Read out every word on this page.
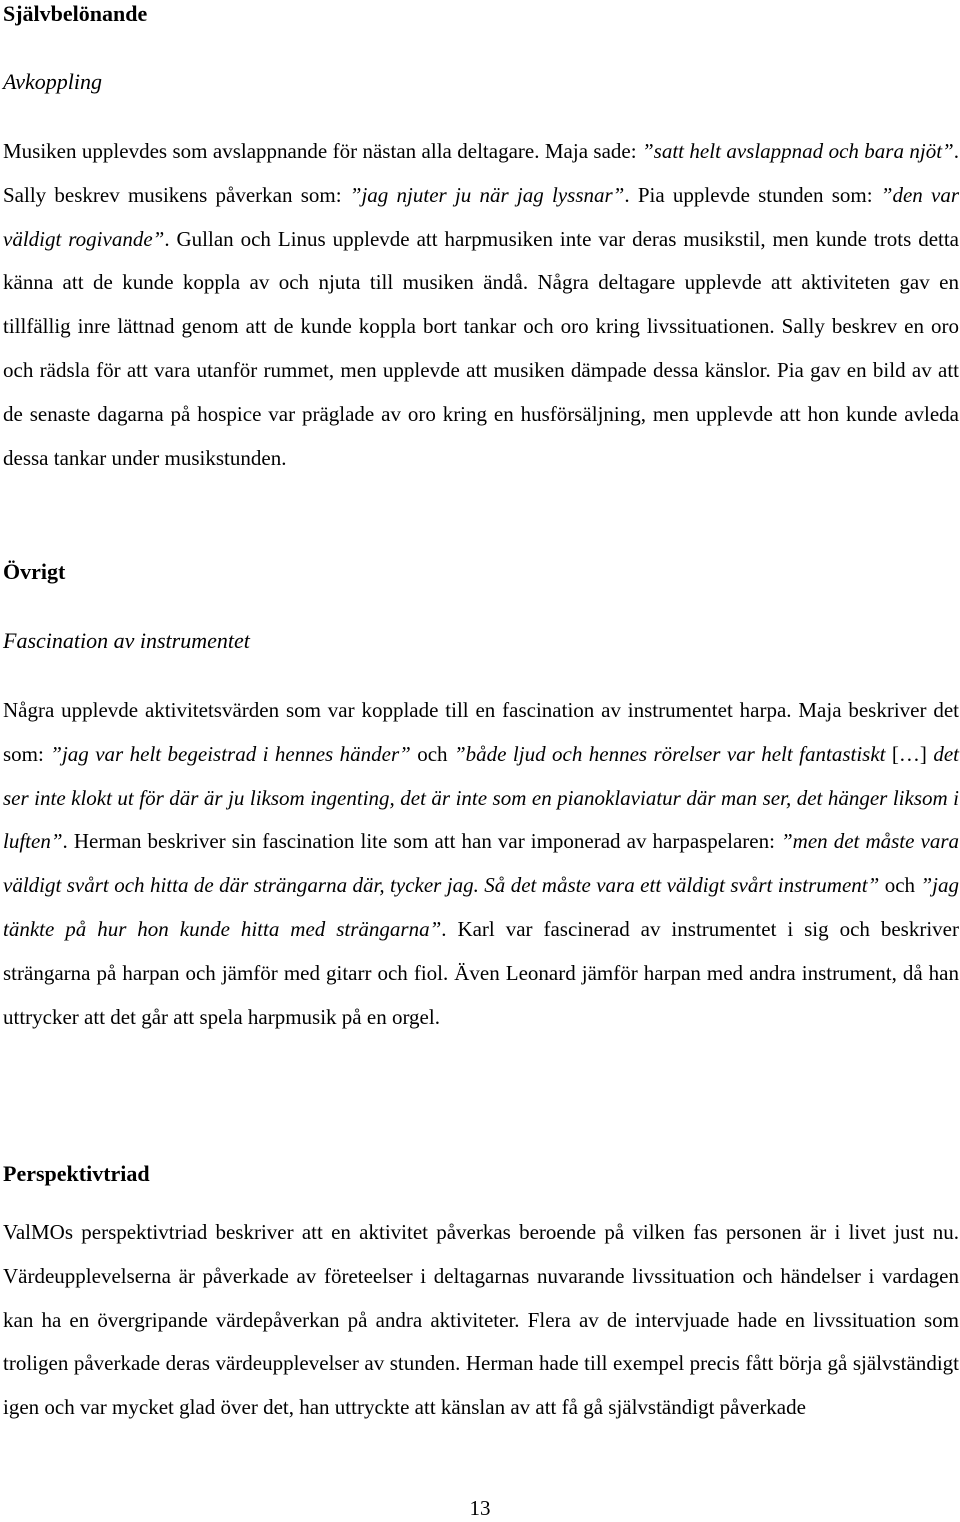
Självbelönande
Avkoppling

Musiken upplevdes som avslappnande för nästan alla deltagare. Maja sade: ”satt helt avslappnad och bara njöt”. Sally beskrev musikens påverkan som: ”jag njuter ju när jag lyssnar”. Pia upplevde stunden som: ”den var väldigt rogivande”. Gullan och Linus upplevde att harpmusiken inte var deras musikstil, men kunde trots detta känna att de kunde koppla av och njuta till musiken ändå. Några deltagare upplevde att aktiviteten gav en tillfällig inre lättnad genom att de kunde koppla bort tankar och oro kring livssituationen. Sally beskrev en oro och rädsla för att vara utanför rummet, men upplevde att musiken dämpade dessa känslor. Pia gav en bild av att de senaste dagarna på hospice var präglade av oro kring en husförsäljning, men upplevde att hon kunde avleda dessa tankar under musikstunden.

Övrigt
Fascination av instrumentet

Några upplevde aktivitetsvärden som var kopplade till en fascination av instrumentet harpa. Maja beskriver det som: ”jag var helt begeistrad i hennes händer” och ”både ljud och hennes rörelser var helt fantastiskt […] det ser inte klokt ut för där är ju liksom ingenting, det är inte som en pianoklaviatur där man ser, det hänger liksom i luften”. Herman beskriver sin fascination lite som att han var imponerad av harpaspelaren: ”men det måste vara väldigt svårt och hitta de där strängarna där, tycker jag. Så det måste vara ett väldigt svårt instrument” och ”jag tänkte på hur hon kunde hitta med strängarna”. Karl var fascinerad av instrumentet i sig och beskriver strängarna på harpan och jämför med gitarr och fiol. Även Leonard jämför harpan med andra instrument, då han uttrycker att det går att spela harpmusik på en orgel.

Perspektivtriad

ValMOs perspektivtriad beskriver att en aktivitet påverkas beroende på vilken fas personen är i livet just nu. Värdeupplevelserna är påverkade av företeelser i deltagarnas nuvarande livssituation och händelser i vardagen kan ha en övergripande värdepåverkan på andra aktiviteter. Flera av de intervjuade hade en livssituation som troligen påverkade deras värdeupplevelser av stunden. Herman hade till exempel precis fått börja gå självständigt igen och var mycket glad över det, han uttryckte att känslan av att få gå självständigt påverkade

13
